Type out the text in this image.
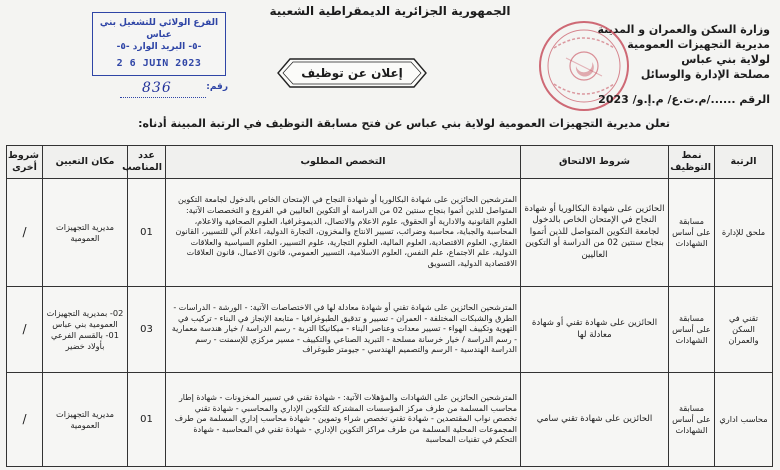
الجمهورية الجزائرية الديمقراطية الشعبية
وزارة السكن والعمران و المدينة
مديرية التجهيزات العمومية
لولاية بني عباس
مصلحة الإدارة والوسائل
الفرع الولائي للتشغيل بني عباس
-٥- البريد الوارد -٥-
2 6 JUIN 2023
رقم:
836
إعلان عن توظيف
الرقم ....../م.ت.ع/ م.إ.و/ 2023
تعلن مديرية التجهيزات العمومية لولاية بني عباس عن فتح مسابقة التوظيف في الرتبة المبينة أدناه:
الرتبة	نمط التوظيف	شروط الالتحاق	التخصص المطلوب	عدد المناصب	مكان التعيين	شروط أخرى
ملحق للإدارة	مسابقة على أساس الشهادات	الحائزين على شهادة البكالوريا أو شهادة النجاح في الإمتحان الخاص بالدخول لجامعة التكوين المتواصل للذين أتموا بنجاح سنتين 02 من الدراسة أو التكوين العاليين	المترشحين الحائزين على شهادة البكالوريا أو شهادة النجاح في الإمتحان الخاص بالدخول لجامعة التكوين المتواصل للذين أتموا بنجاح سنتين 02 من الدراسة أو التكوين العاليين في الفروع و التخصصات الآتية: العلوم القانونية والادارية أو الحقوق، علوم الاعلام والاتصال، الديموغرافيا، العلوم الصحافية والاعلام، المحاسبة والجباية، محاسبة وضرائب، تسيير الانتاج والمخزون، التجارة الدولية، اعلام آلي للتسيير، القانون العقاري، العلوم الاقتصادية، العلوم المالية، العلوم التجارية، علوم التسيير، العلوم السياسية والعلاقات الدولية، علم الاجتماع، علم النفس، العلوم الاسلامية، التسيير العمومي، قانون الاعمال، قانون العلاقات الاقتصادية الدولية، التسويق	01	مديرية التجهيزات العمومية	/
تقني في السكن والعمران	مسابقة على أساس الشهادات	الحائزين على شهادة تقني أو شهادة معادلة لها	المترشحين الحائزين على شهادة تقني أو شهادة معادلة لها في الاختصاصات الآتية: - الورشة - الدراسات - الطرق والشبكات المختلفة - العمران - تسيير و تدقيق الطبوغرافيا - متابعة الإنجاز في البناء - تركيب في التهوية وتكييف الهواء - تسيير معدات وعناصر البناء - ميكانيكا التربة - رسم الدراسة / خيار هندسة معمارية - رسم الدراسة / خيار خرسانة مسلحة - التبريد الصناعي والتكييف - مسير مركزي للإسمنت - رسم الدراسة الهندسية - الرسم والتصميم الهندسي - جيومتر طبوغراف	03	02- بمديرية التجهيزات العمومية بني عباس 01- بالقسم الفرعي بأولاد خضير	/
محاسب اداري	مسابقة على أساس الشهادات	الحائزين على شهادة تقني سامي	المترشحين الحائزين على الشهادات والمؤهلات الآتية: - شهادة تقني في تسيير المخزونات - شهادة إطار محاسب المسلمة من طرف مركز المؤسسات المشتركة للتكوين الإداري والمحاسبي - شهادة تقني تخصص نواب المقتصدين - شهادة تقني تخصص شراء وتموين - شهادة محاسب إداري المسلمة من طرف المجموعات المحلية المسلمة من طرف مراكز التكوين الإداري - شهادة تقني في المحاسبة - شهادة التحكم في تقنيات المحاسبة	01	مديرية التجهيزات العمومية	/
